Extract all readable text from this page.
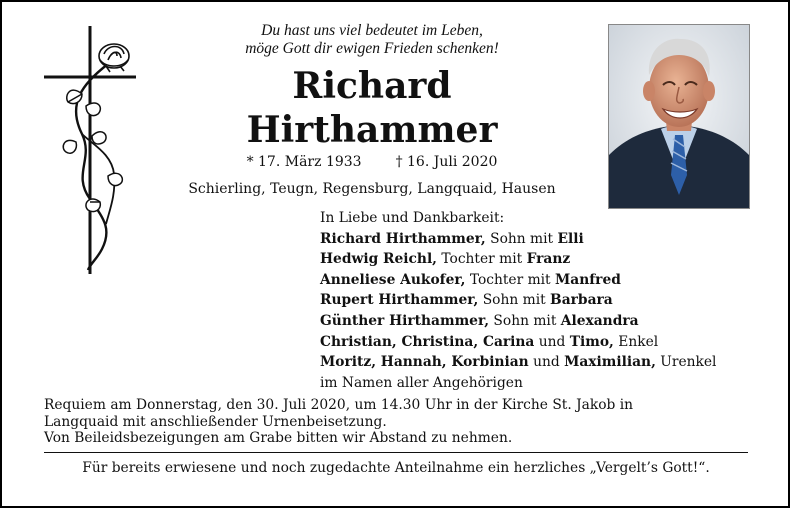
Du hast uns viel bedeutet im Leben,
möge Gott dir ewigen Frieden schenken!
Richard
Hirthammer
* 17. März 1933 † 16. Juli 2020
Schierling, Teugn, Regensburg, Langquaid, Hausen
In Liebe und Dankbarkeit:
Richard Hirthammer, Sohn mit Elli
Hedwig Reichl, Tochter mit Franz
Anneliese Aukofer, Tochter mit Manfred
Rupert Hirthammer, Sohn mit Barbara
Günther Hirthammer, Sohn mit Alexandra
Christian, Christina, Carina und Timo, Enkel
Moritz, Hannah, Korbinian und Maximilian, Urenkel
im Namen aller Angehörigen

Requiem am Donnerstag, den 30. Juli 2020, um 14.30 Uhr in der Kirche St. Jakob in

Langquaid mit anschließender Urnenbeisetzung.

Von Beileidsbezeigungen am Grabe bitten wir Abstand zu nehmen.

Für bereits erwiesene und noch zugedachte Anteilnahme ein herzliches „Vergelt’s Gott!“.
